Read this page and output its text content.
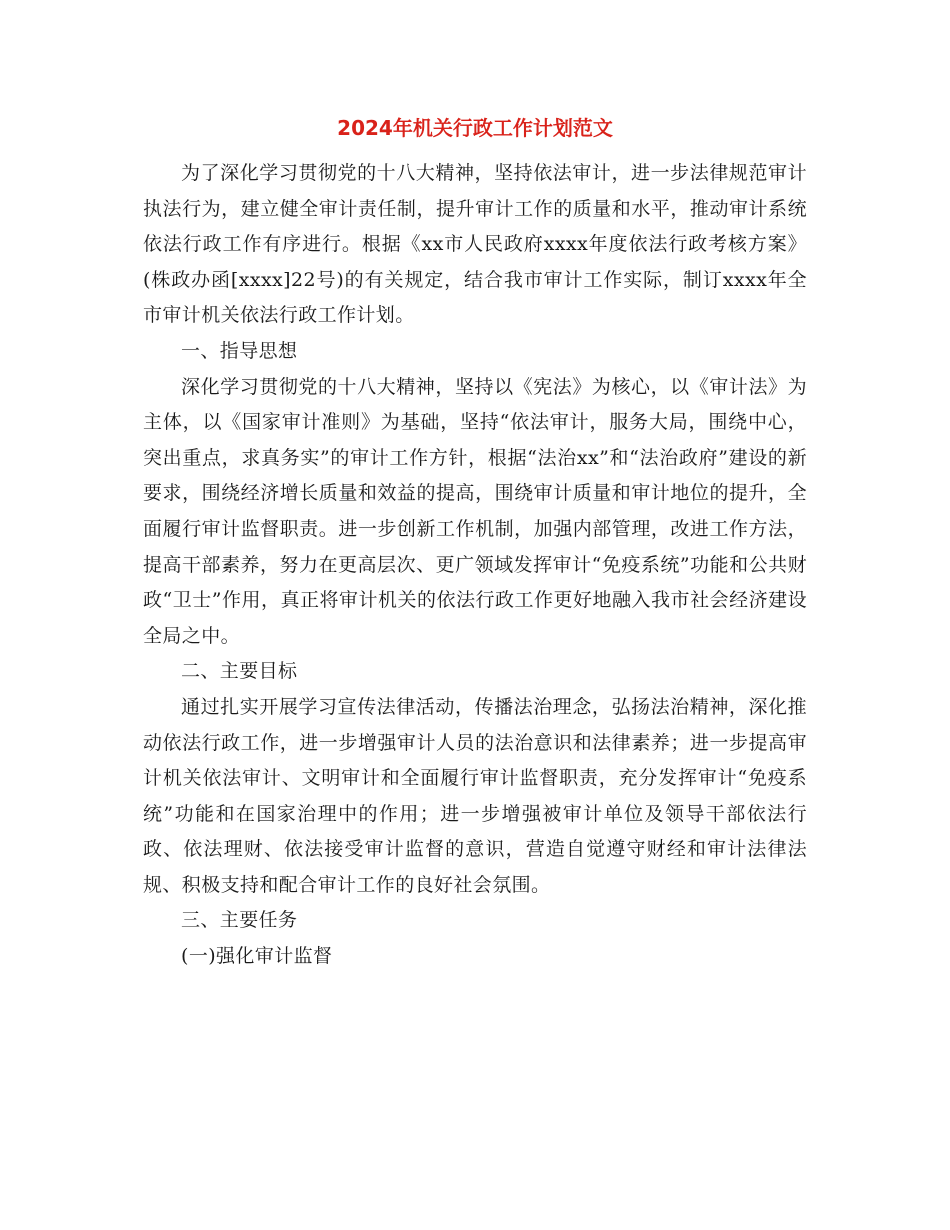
2024年机关行政工作计划范文

为了深化学习贯彻党的十八大精神，坚持依法审计，进一步法律规范审计执法行为，建立健全审计责任制，提升审计工作的质量和水平，推动审计系统依法行政工作有序进行。根据《xx市人民政府xxxx年度依法行政考核方案》(株政办函[xxxx]22号)的有关规定，结合我市审计工作实际，制订xxxx年全市审计机关依法行政工作计划。

一、指导思想

深化学习贯彻党的十八大精神，坚持以《宪法》为核心，以《审计法》为主体，以《国家审计准则》为基础，坚持“依法审计，服务大局，围绕中心，突出重点，求真务实”的审计工作方针，根据“法治xx”和“法治政府”建设的新要求，围绕经济增长质量和效益的提高，围绕审计质量和审计地位的提升，全面履行审计监督职责。进一步创新工作机制，加强内部管理，改进工作方法，提高干部素养，努力在更高层次、更广领域发挥审计“免疫系统”功能和公共财政“卫士”作用，真正将审计机关的依法行政工作更好地融入我市社会经济建设全局之中。

二、主要目标

通过扎实开展学习宣传法律活动，传播法治理念，弘扬法治精神，深化推动依法行政工作，进一步增强审计人员的法治意识和法律素养；进一步提高审计机关依法审计、文明审计和全面履行审计监督职责，充分发挥审计“免疫系统”功能和在国家治理中的作用；进一步增强被审计单位及领导干部依法行政、依法理财、依法接受审计监督的意识，营造自觉遵守财经和审计法律法规、积极支持和配合审计工作的良好社会氛围。

三、主要任务

(一)强化审计监督
